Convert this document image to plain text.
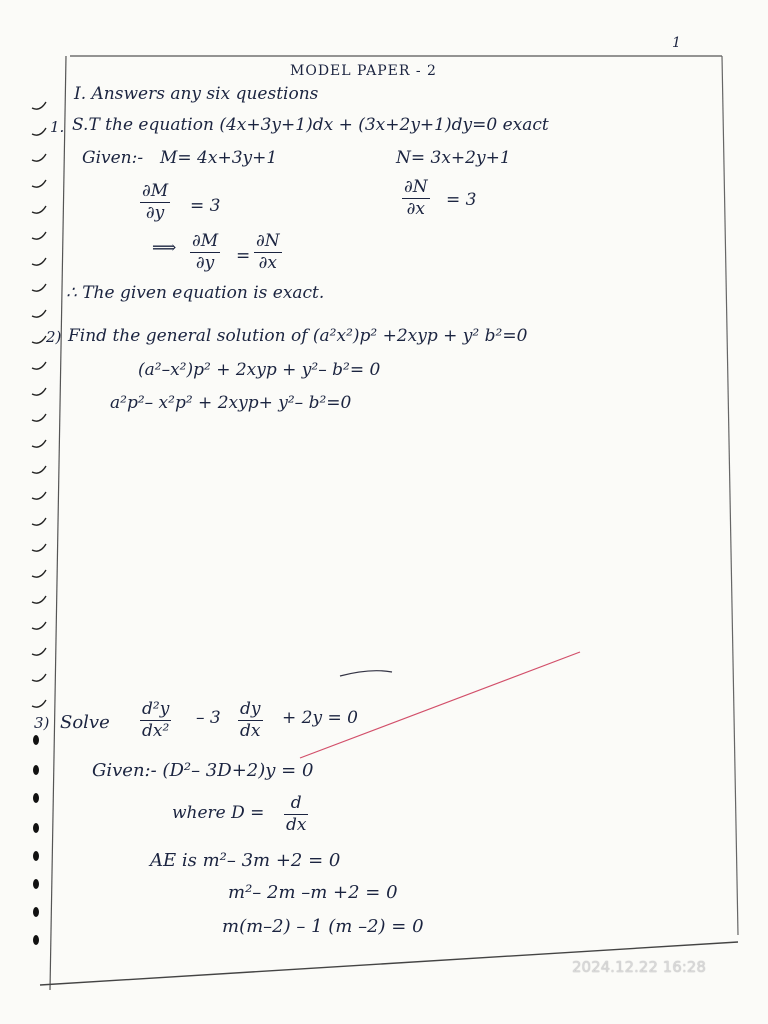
1
MODEL PAPER - 2
I. Answers any six questions
1. S.T the equation (4x+3y+1)dx + (3x+2y+1)dy=0 exact
Given:- M= 4x+3y+1	N= 3x+2y+1
∂M
∂y = 3
∂N
∂x = 3
⟹ ∂M
∂y =
∂N
∂x
∴ The given equation is exact.
2) Find the general solution of (a²x²)p² +2xyp + y² b²=0
(a²–x²)p² + 2xyp + y²– b²= 0
a²p²– x²p² + 2xyp+ y²– b²=0
3) Solve
d²y
dx²
– 3 dy
dx
+ 2y = 0
Given:- (D²– 3D+2)y = 0
where D = d
dx
AE is m²– 3m +2 = 0
m²– 2m –m +2 = 0
m(m–2) – 1 (m –2) = 0
2024.12.22 16:28
